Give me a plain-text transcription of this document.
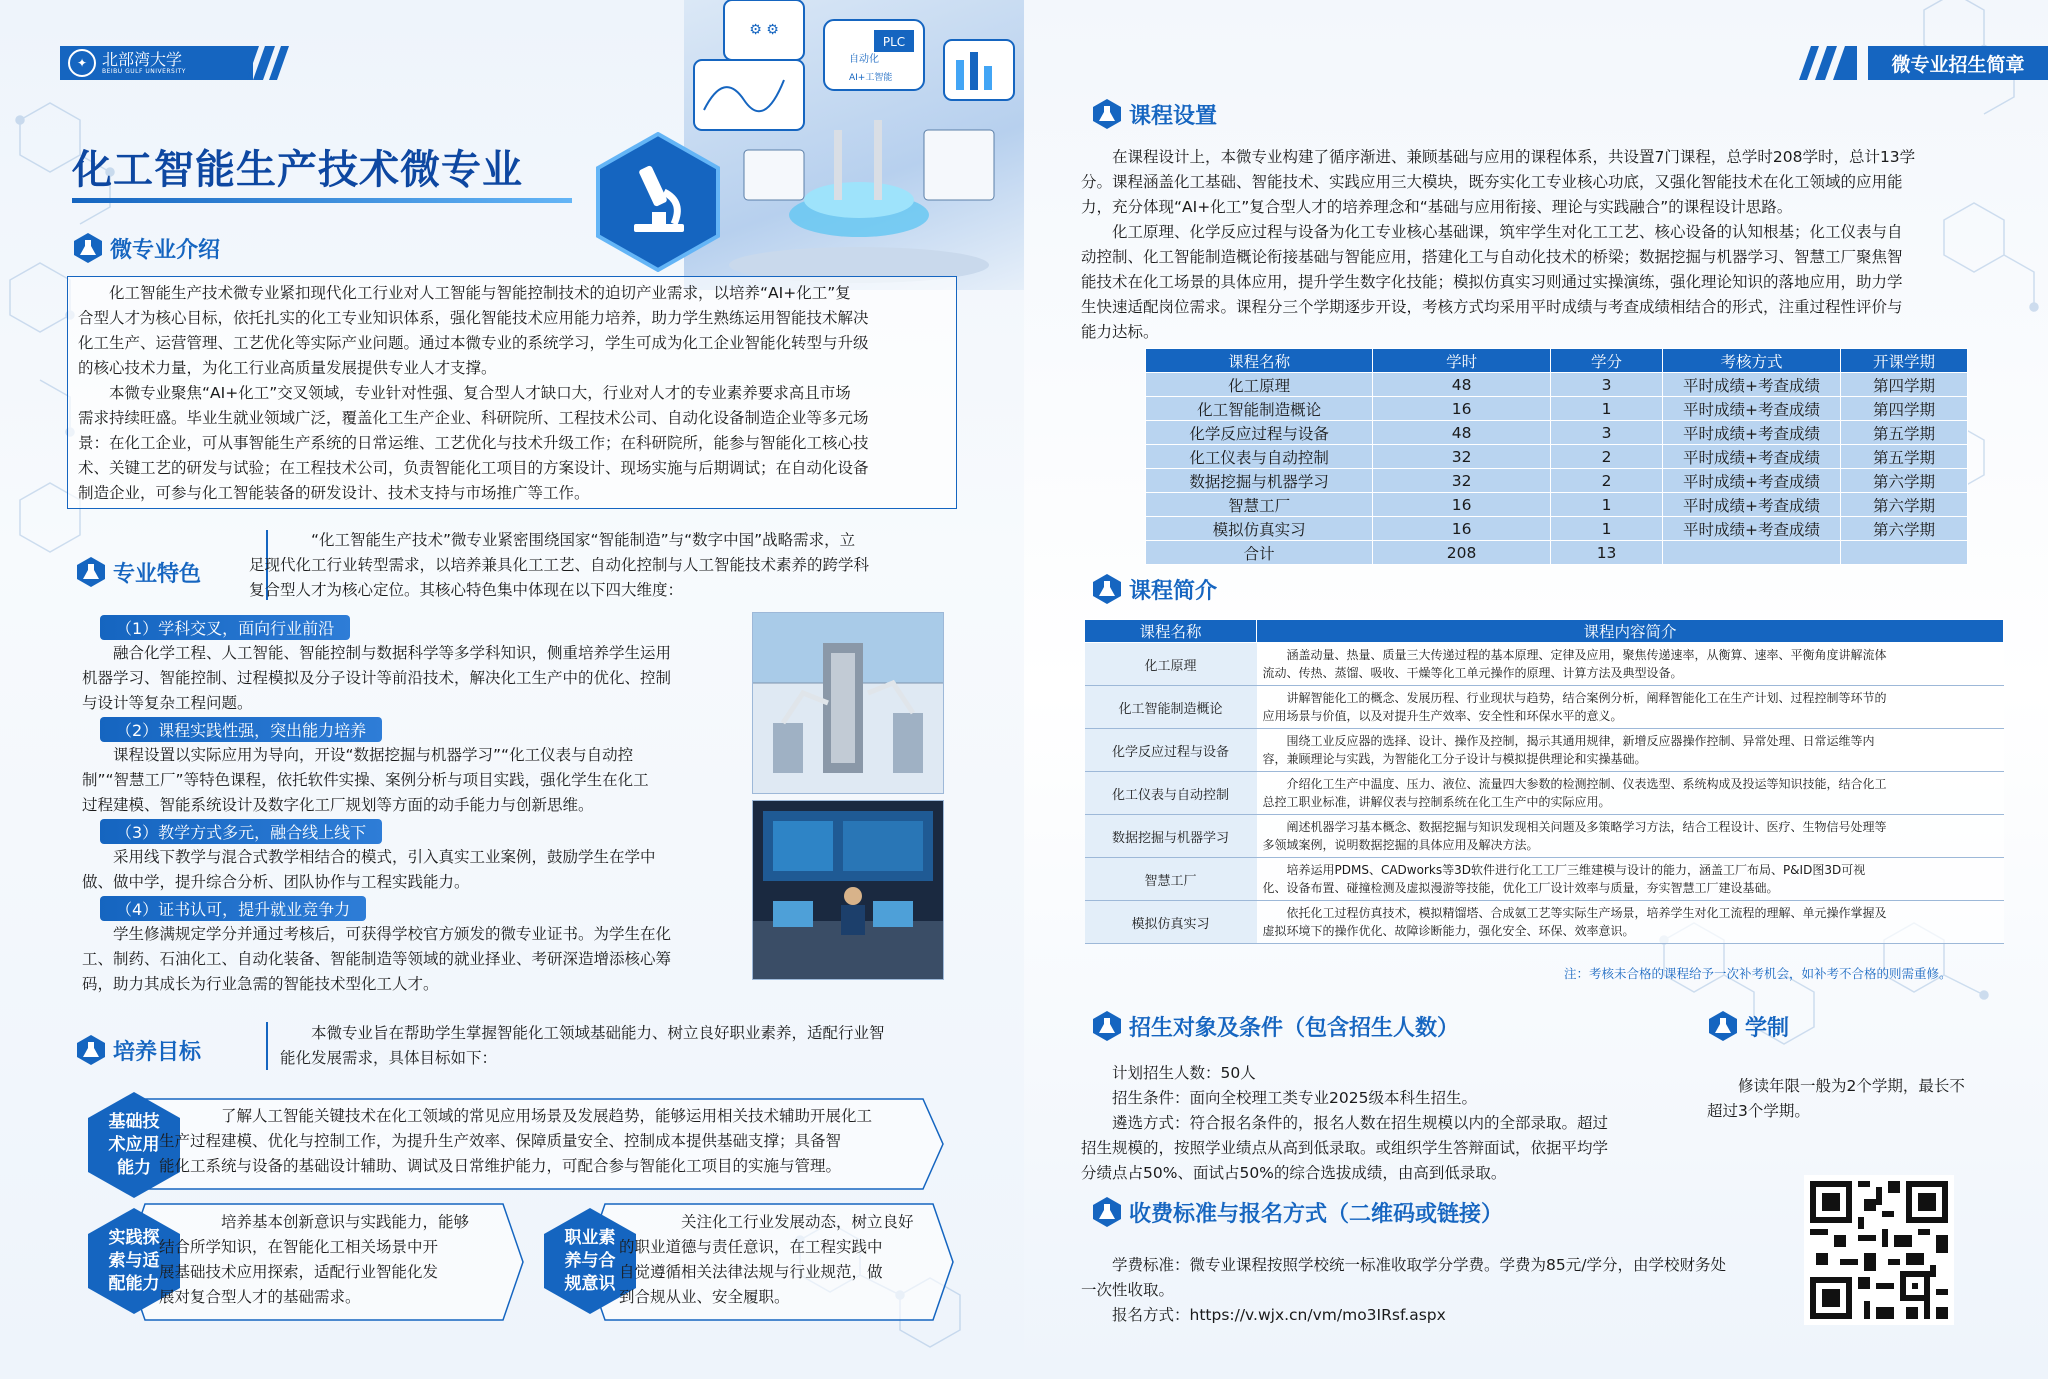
✦ 北部湾大学
BEIBU GULF UNIVERSITY
⚙ ⚙
PLC
自动化
AI+工智能
化工智能生产技术微专业
微专业介绍

化工智能生产技术微专业紧扣现代化工行业对人工智能与智能控制技术的迫切产业需求，以培养“AI+化工”复
合型人才为核心目标，依托扎实的化工专业知识体系，强化智能技术应用能力培养，助力学生熟练运用智能技术解决
化工生产、运营管理、工艺优化等实际产业问题。通过本微专业的系统学习，学生可成为化工企业智能化转型与升级
的核心技术力量，为化工行业高质量发展提供专业人才支撑。

本微专业聚焦“AI+化工”交叉领域，专业针对性强、复合型人才缺口大，行业对人才的专业素养要求高且市场
需求持续旺盛。毕业生就业领域广泛，覆盖化工生产企业、科研院所、工程技术公司、自动化设备制造企业等多元场
景：在化工企业，可从事智能生产系统的日常运维、工艺优化与技术升级工作；在科研院所，能参与智能化工核心技
术、关键工艺的研发与试验；在工程技术公司，负责智能化工项目的方案设计、现场实施与后期调试；在自动化设备
制造企业，可参与化工智能装备的研发设计、技术支持与市场推广等工作。

专业特色
“化工智能生产技术”微专业紧密围绕国家“智能制造”与“数字中国”战略需求，立
足现代化工行业转型需求，以培养兼具化工工艺、自动化控制与人工智能技术素养的跨学科
复合型人才为核心定位。其核心特色集中体现在以下四大维度：
（1）学科交叉，面向行业前沿
融合化学工程、人工智能、智能控制与数据科学等多学科知识，侧重培养学生运用
机器学习、智能控制、过程模拟及分子设计等前沿技术，解决化工生产中的优化、控制
与设计等复杂工程问题。
（2）课程实践性强，突出能力培养
课程设置以实际应用为导向，开设“数据挖掘与机器学习”“化工仪表与自动控
制”“智慧工厂”等特色课程，依托软件实操、案例分析与项目实践，强化学生在化工
过程建模、智能系统设计及数字化工厂规划等方面的动手能力与创新思维。
（3）教学方式多元，融合线上线下
采用线下教学与混合式教学相结合的模式，引入真实工业案例，鼓励学生在学中
做、做中学，提升综合分析、团队协作与工程实践能力。
（4）证书认可，提升就业竞争力
学生修满规定学分并通过考核后，可获得学校官方颁发的微专业证书。为学生在化
工、制药、石油化工、自动化装备、智能制造等领域的就业择业、考研深造增添核心筹
码，助力其成长为行业急需的智能技术型化工人才。
培养目标
本微专业旨在帮助学生掌握智能化工领域基础能力、树立良好职业素养，适配行业智
能化发展需求，具体目标如下：
基础技
术应用
能力
了解人工智能关键技术在化工领域的常见应用场景及发展趋势，能够运用相关技术辅助开展化工
生产过程建模、优化与控制工作，为提升生产效率、保障质量安全、控制成本提供基础支撑；具备智
能化工系统与设备的基础设计辅助、调试及日常维护能力，可配合参与智能化工项目的实施与管理。
实践探
索与适
配能力
培养基本创新意识与实践能力，能够
结合所学知识，在智能化工相关场景中开
展基础技术应用探索，适配行业智能化发
展对复合型人才的基础需求。
职业素
养与合
规意识
关注化工行业发展动态，树立良好
的职业道德与责任意识，在工程实践中
自觉遵循相关法律法规与行业规范，做
到合规从业、安全履职。
微专业招生简章
课程设置
在课程设计上，本微专业构建了循序渐进、兼顾基础与应用的课程体系，共设置7门课程，总学时208学时，总计13学
分。课程涵盖化工基础、智能技术、实践应用三大模块，既夯实化工专业核心功底，又强化智能技术在化工领域的应用能
力，充分体现“AI+化工”复合型人才的培养理念和“基础与应用衔接、理论与实践融合”的课程设计思路。
化工原理、化学反应过程与设备为化工专业核心基础课，筑牢学生对化工工艺、核心设备的认知根基；化工仪表与自
动控制、化工智能制造概论衔接基础与智能应用，搭建化工与自动化技术的桥梁；数据挖掘与机器学习、智慧工厂聚焦智
能技术在化工场景的具体应用，提升学生数字化技能；模拟仿真实习则通过实操演练，强化理论知识的落地应用，助力学
生快速适配岗位需求。课程分三个学期逐步开设，考核方式均采用平时成绩与考查成绩相结合的形式，注重过程性评价与
能力达标。
课程名称	学时	学分	考核方式	开课学期
化工原理	48	3	平时成绩+考查成绩	第四学期
化工智能制造概论	16	1	平时成绩+考查成绩	第四学期
化学反应过程与设备	48	3	平时成绩+考查成绩	第五学期
化工仪表与自动控制	32	2	平时成绩+考查成绩	第五学期
数据挖掘与机器学习	32	2	平时成绩+考查成绩	第六学期
智慧工厂	16	1	平时成绩+考查成绩	第六学期
模拟仿真实习	16	1	平时成绩+考查成绩	第六学期
合计	208	13		
课程简介
课程名称	课程内容简介
化工原理	涵盖动量、热量、质量三大传递过程的基本原理、定律及应用，聚焦传递速率，从衡算、速率、平衡角度讲解流体
流动、传热、蒸馏、吸收、干燥等化工单元操作的原理、计算方法及典型设备。
化工智能制造概论	讲解智能化工的概念、发展历程、行业现状与趋势，结合案例分析，阐释智能化工在生产计划、过程控制等环节的
应用场景与价值，以及对提升生产效率、安全性和环保水平的意义。
化学反应过程与设备	围绕工业反应器的选择、设计、操作及控制，揭示其通用规律，新增反应器操作控制、异常处理、日常运维等内
容，兼顾理论与实践，为智能化工分子设计与模拟提供理论和实操基础。
化工仪表与自动控制	介绍化工生产中温度、压力、液位、流量四大参数的检测控制、仪表选型、系统构成及投运等知识技能，结合化工
总控工职业标准，讲解仪表与控制系统在化工生产中的实际应用。
数据挖掘与机器学习	阐述机器学习基本概念、数据挖掘与知识发现相关问题及多策略学习方法，结合工程设计、医疗、生物信号处理等
多领域案例，说明数据挖掘的具体应用及解决方法。
智慧工厂	培养运用PDMS、CADworks等3D软件进行化工工厂三维建模与设计的能力，涵盖工厂布局、P&ID图3D可视
化、设备布置、碰撞检测及虚拟漫游等技能，优化工厂设计效率与质量，夯实智慧工厂建设基础。
模拟仿真实习	依托化工过程仿真技术，模拟精馏塔、合成氨工艺等实际生产场景，培养学生对化工流程的理解、单元操作掌握及
虚拟环境下的操作优化、故障诊断能力，强化安全、环保、效率意识。
注：考核未合格的课程给予一次补考机会，如补考不合格的则需重修。
招生对象及条件（包含招生人数）
计划招生人数：50人
招生条件：面向全校理工类专业2025级本科生招生。
遴选方式：符合报名条件的，报名人数在招生规模以内的全部录取。超过
招生规模的，按照学业绩点从高到低录取。或组织学生答辩面试，依据平均学
分绩点占50%、面试占50%的综合选拔成绩，由高到低录取。
学制
修读年限一般为2个学期，最长不
超过3个学期。
收费标准与报名方式（二维码或链接）
学费标准：微专业课程按照学校统一标准收取学分学费。学费为85元/学分，由学校财务处
一次性收取。
报名方式：https://v.wjx.cn/vm/mo3IRsf.aspx
